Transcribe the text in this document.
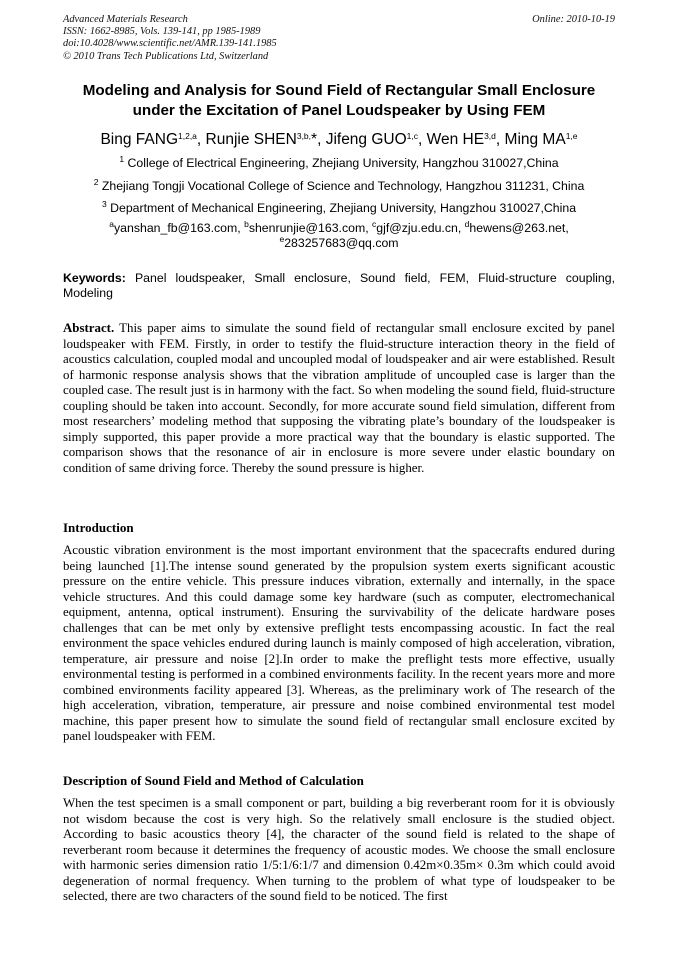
Advanced Materials Research
ISSN: 1662-8985, Vols. 139-141, pp 1985-1989
doi:10.4028/www.scientific.net/AMR.139-141.1985
© 2010 Trans Tech Publications Ltd, Switzerland
Online: 2010-10-19
Modeling and Analysis for Sound Field of Rectangular Small Enclosure
under the Excitation of Panel Loudspeaker by Using FEM
Bing FANG$^{1,2,a}$, Runjie $SHEN^{3,b,}*$, Jifeng GUO$^{1,c}$, Wen HE$^{3,d}$, Ming MA$^{1,e}$
$^1$ College of Electrical Engineering, Zhejiang University, Hangzhou 310027,China
$^2$ Zhejiang Tongji Vocational College of Science and Technology, Hangzhou 311231, China
$^3$ Department of Mechanical Engineering, Zhejiang University, Hangzhou 310027,China
$^a$yanshan_fb@163.com, $^b$shenrunjie@163.com, $^c$gjf@zju.edu.cn, $^d$hewens@263.net,
$^e$283257683@qq.com
Keywords: Panel loudspeaker, Small enclosure, Sound field, FEM, Fluid-structure coupling, Modeling
Abstract. This paper aims to simulate the sound field of rectangular small enclosure excited by panel loudspeaker with FEM. Firstly, in order to testify the fluid-structure interaction theory in the field of acoustics calculation, coupled modal and uncoupled modal of loudspeaker and air were established. Result of harmonic response analysis shows that the vibration amplitude of uncoupled case is larger than the coupled case. The result just is in harmony with the fact. So when modeling the sound field, fluid-structure coupling should be taken into account. Secondly, for more accurate sound field simulation, different from most researchers’ modeling method that supposing the vibrating plate’s boundary of the loudspeaker is simply supported, this paper provide a more practical way that the boundary is elastic supported. The comparison shows that the resonance of air in enclosure is more severe under elastic boundary on condition of same driving force. Thereby the sound pressure is higher.
Introduction
Acoustic vibration environment is the most important environment that the spacecrafts endured during being launched [1].The intense sound generated by the propulsion system exerts significant acoustic pressure on the entire vehicle. This pressure induces vibration, externally and internally, in the space vehicle structures. And this could damage some key hardware (such as computer, electromechanical equipment, antenna, optical instrument). Ensuring the survivability of the delicate hardware poses challenges that can be met only by extensive preflight tests encompassing acoustic. In fact the real environment the space vehicles endured during launch is mainly composed of high acceleration, vibration, temperature, air pressure and noise [2].In order to make the preflight tests more effective, usually environmental testing is performed in a combined environments facility. In the recent years more and more combined environments facility appeared [3]. Whereas, as the preliminary work of The research of the high acceleration, vibration, temperature, air pressure and noise combined environmental test model machine, this paper present how to simulate the sound field of rectangular small enclosure excited by panel loudspeaker with FEM.
Description of Sound Field and Method of Calculation
When the test specimen is a small component or part, building a big reverberant room for it is obviously not wisdom because the cost is very high. So the relatively small enclosure is the studied object. According to basic acoustics theory [4], the character of the sound field is related to the shape of reverberant room because it determines the frequency of acoustic modes. We choose the small enclosure with harmonic series dimension ratio 1/5:1/6:1/7 and dimension 0.42m×0.35m× 0.3m which could avoid degeneration of normal frequency. When turning to the problem of what type of loudspeaker to be selected, there are two characters of the sound field to be noticed. The first
